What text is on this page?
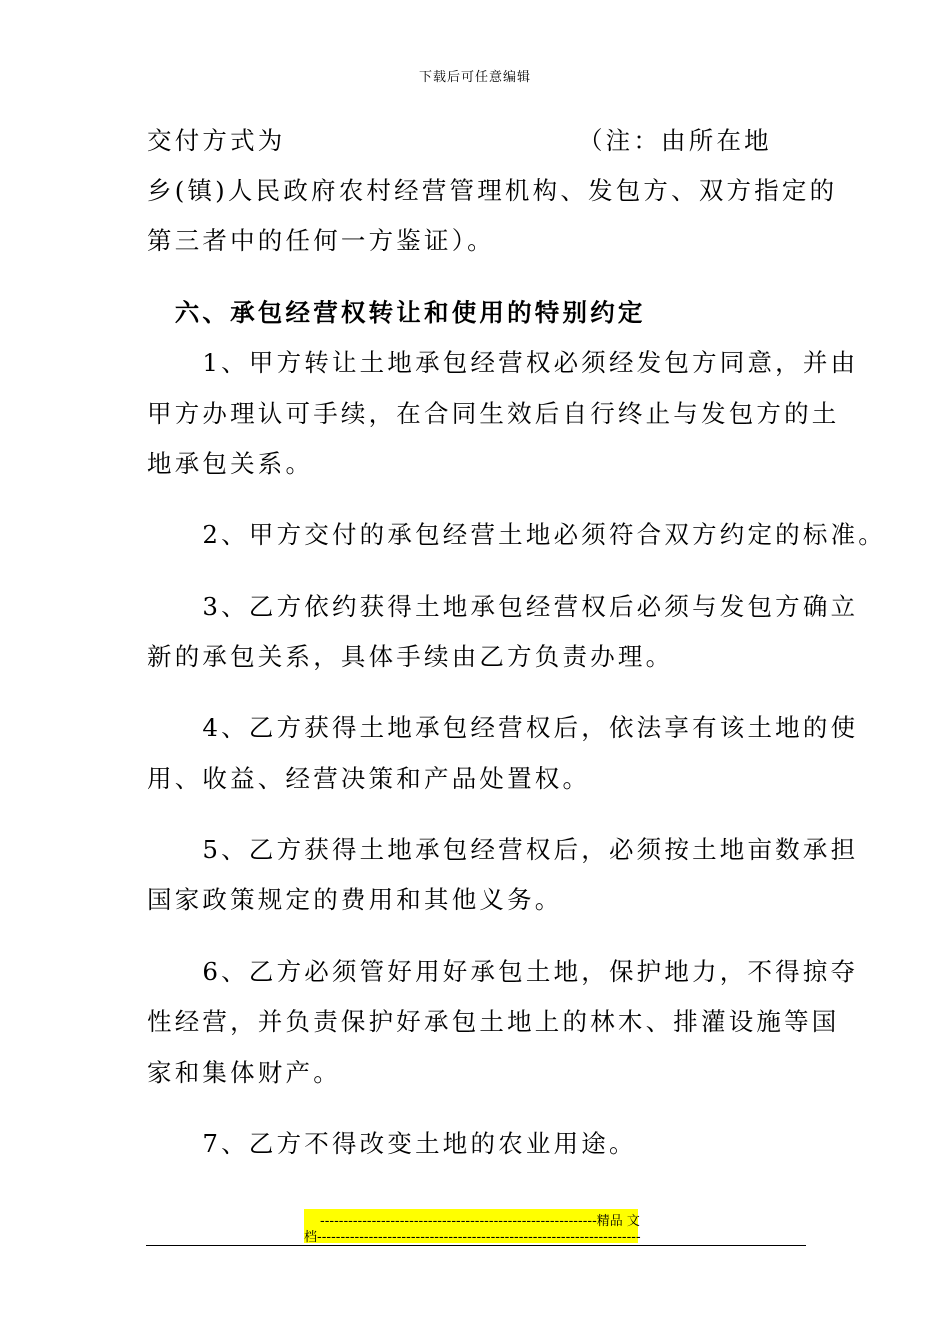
下载后可任意编辑
交付方式为　　　　　　　　　　　（注：由所在地
乡(镇)人民政府农村经营管理机构、发包方、双方指定的
第三者中的任何一方鉴证）。
　六、承包经营权转让和使用的特别约定
　　1、甲方转让土地承包经营权必须经发包方同意，并由
甲方办理认可手续，在合同生效后自行终止与发包方的土
地承包关系。
　　2、甲方交付的承包经营土地必须符合双方约定的标准。
　　3、乙方依约获得土地承包经营权后必须与发包方确立
新的承包关系，具体手续由乙方负责办理。
　　4、乙方获得土地承包经营权后，依法享有该土地的使
用、收益、经营决策和产品处置权。
　　5、乙方获得土地承包经营权后，必须按土地亩数承担
国家政策规定的费用和其他义务。
　　6、乙方必须管好用好承包土地，保护地力，不得掠夺
性经营，并负责保护好承包土地上的林木、排灌设施等国
家和集体财产。
　　7、乙方不得改变土地的农业用途。
-----------------------------------------------------------精品 文
档---------------------------------------------------------------------
